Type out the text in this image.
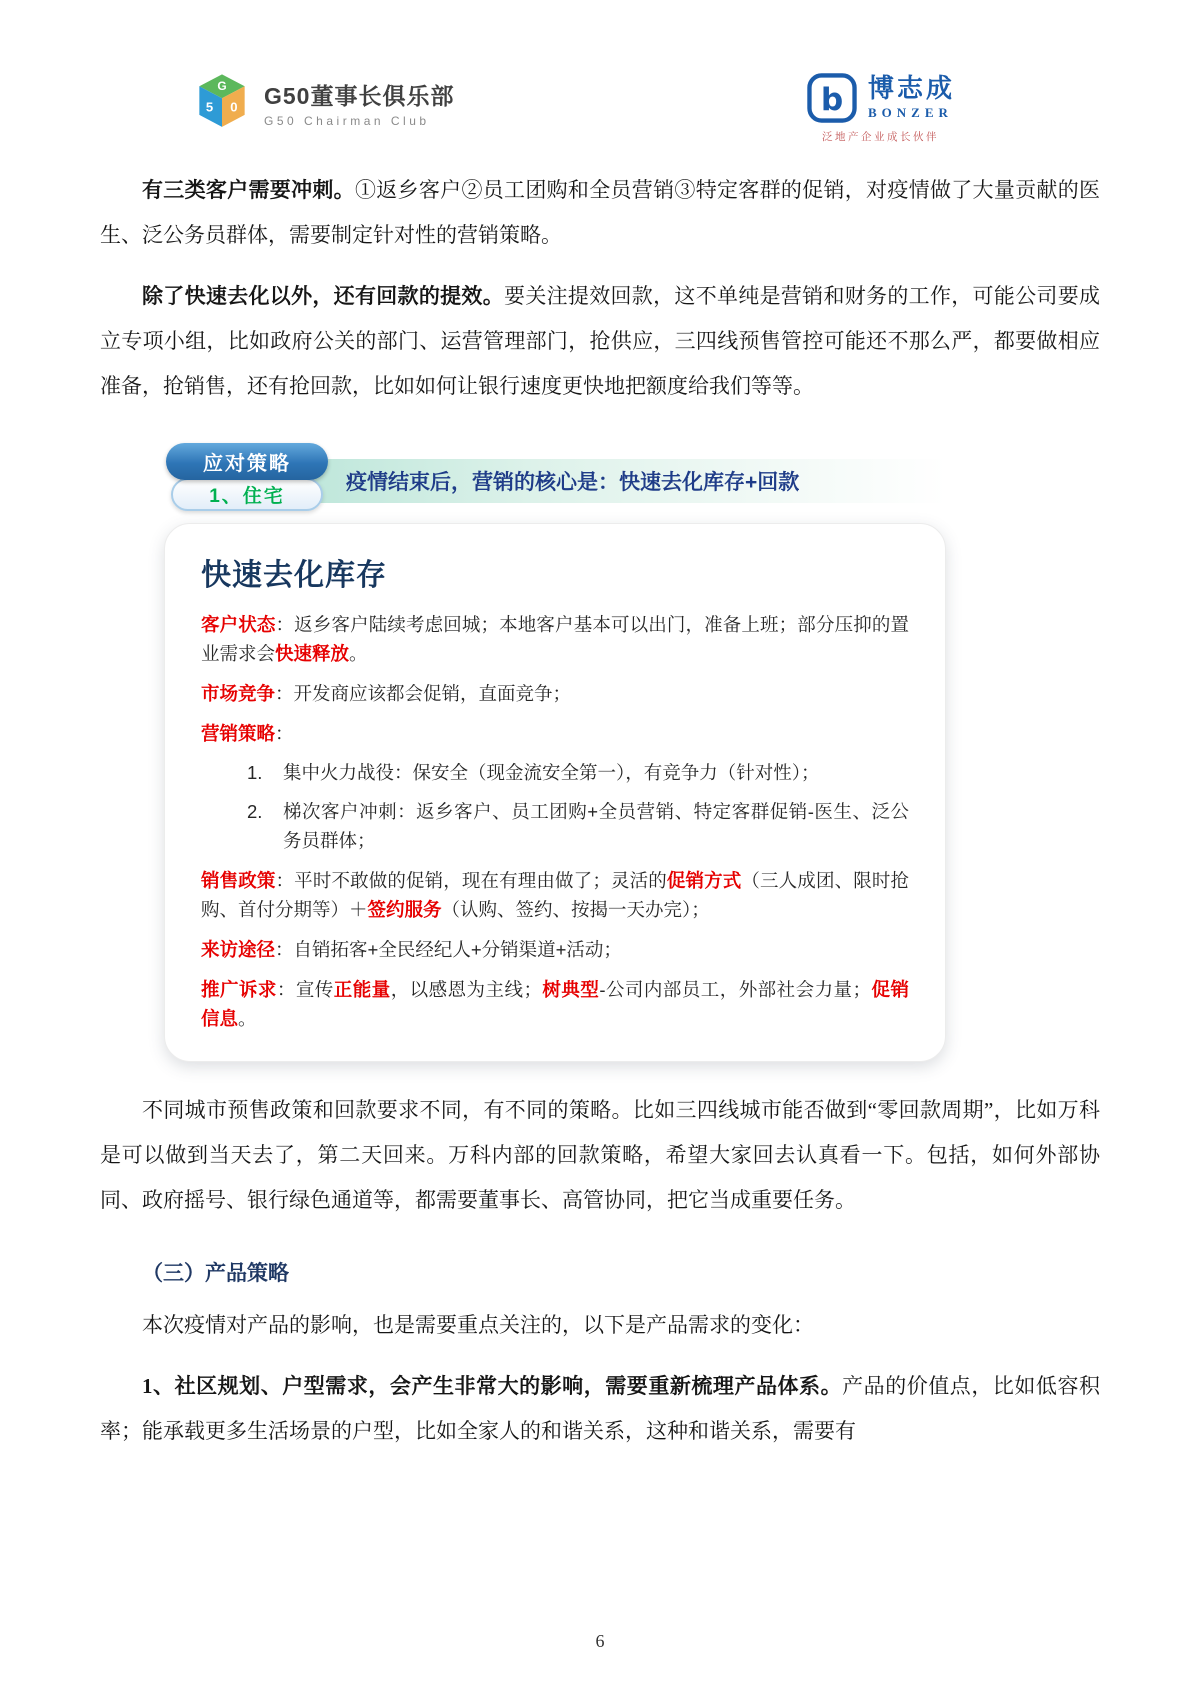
G
5 0 G50董事长俱乐部
G50 Chairman Club
b 博志成
BONZER
泛地产企业成长伙伴

有三类客户需要冲刺。①返乡客户②员工团购和全员营销③特定客群的促销，对疫情做了大量贡献的医生、泛公务员群体，需要制定针对性的营销策略。

除了快速去化以外，还有回款的提效。要关注提效回款，这不单纯是营销和财务的工作，可能公司要成立专项小组，比如政府公关的部门、运营管理部门，抢供应，三四线预售管控可能还不那么严，都要做相应准备，抢销售，还有抢回款，比如如何让银行速度更快地把额度给我们等等。

疫情结束后，营销的核心是：快速去化库存+回款
应对策略
1、住宅
快速去化库存
客户状态：返乡客户陆续考虑回城；本地客户基本可以出门，准备上班；部分压抑的置业需求会快速释放。
市场竞争：开发商应该都会促销，直面竞争；
营销策略：
1.	集中火力战役：保安全（现金流安全第一），有竞争力（针对性）；
2.	梯次客户冲刺：返乡客户、员工团购+全员营销、特定客群促销-医生、泛公务员群体；
销售政策：平时不敢做的促销，现在有理由做了；灵活的促销方式（三人成团、限时抢购、首付分期等）＋签约服务（认购、签约、按揭一天办完）；
来访途径：自销拓客+全民经纪人+分销渠道+活动；
推广诉求：宣传正能量，以感恩为主线；树典型-公司内部员工，外部社会力量；促销信息。

不同城市预售政策和回款要求不同，有不同的策略。比如三四线城市能否做到“零回款周期”，比如万科是可以做到当天去了，第二天回来。万科内部的回款策略，希望大家回去认真看一下。包括，如何外部协同、政府摇号、银行绿色通道等，都需要董事长、高管协同，把它当成重要任务。

（三）产品策略

本次疫情对产品的影响，也是需要重点关注的，以下是产品需求的变化：

1、社区规划、户型需求，会产生非常大的影响，需要重新梳理产品体系。产品的价值点，比如低容积率；能承载更多生活场景的户型，比如全家人的和谐关系，这种和谐关系，需要有

6
